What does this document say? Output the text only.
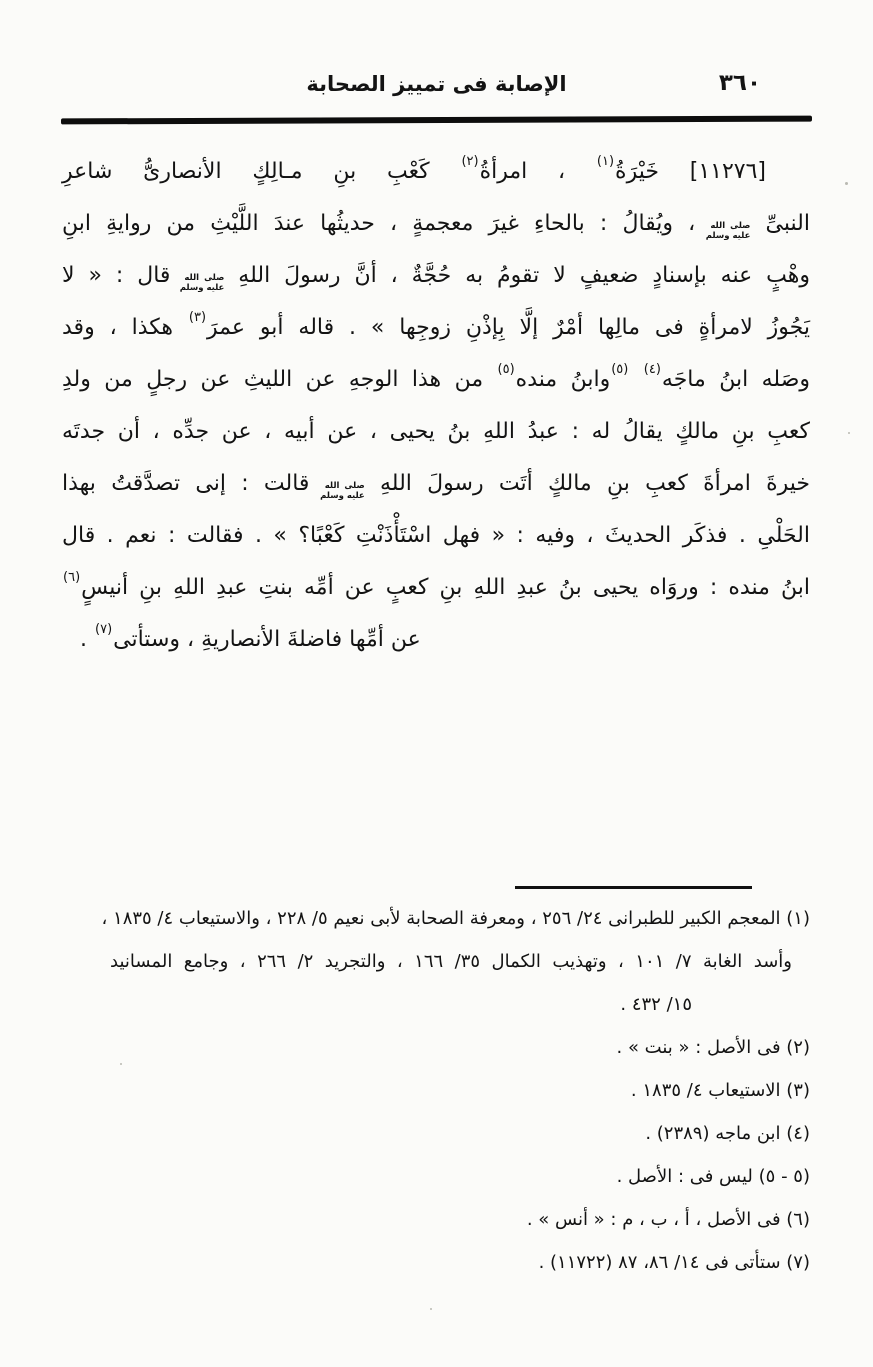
٣٦٠
الإصابة فى تمييز الصحابة
[١١٢٧٦] خَيْرَةُ$^{(١)}$ ، امرأةُ$^{(٢)}$ كَعْبِ بنِ مـالِكٍ الأنصارىُّ شاعرِ
النبىِّ
صلى الله
عليه وسلم
، ويُقالُ : بالحاءِ غيرَ معجمةٍ ، حديثُها عندَ اللَّيْثِ من روايةِ ابنِ
وهْبٍ عنه بإسنادٍ ضعيفٍ لا تقومُ به حُجَّةٌ ، أنَّ رسولَ اللهِ
صلى الله
عليه وسلم
قال : « لا
يَجُوزُ لامرأةٍ فى مالِها أمْرٌ إلَّا بِإذْنِ زوجِها » . قاله أبو عمرَ$^{(٣)}$ هكذا ، وقد
وصَله ابنُ ماجَه$^{(٤)}$ $^{(٥)}$وابنُ منده$^{(٥)}$ من هذا الوجهِ عن الليثِ عن رجلٍ من ولدِ
كعبِ بنِ مالكٍ يقالُ له : عبدُ اللهِ بنُ يحيى ، عن أبيه ، عن جدِّه ، أن جدتَه
خيرةَ امرأةَ كعبِ بنِ مالكٍ أتَت رسولَ اللهِ
صلى الله
عليه وسلم
قالت : إنى تصدَّقتُ بهذا
الحَلْىِ . فذكَر الحديثَ ، وفيه : « فهل اسْتَأْذَنْتِ كَعْبًا؟ » . فقالت : نعم . قال
ابنُ منده : وروَاه يحيى بنُ عبدِ اللهِ بنِ كعبٍ عن أمِّه بنتِ عبدِ اللهِ بنِ أنيسٍ$^{(٦)}$
عن أمِّها فاضلةَ الأنصاريةِ ، وستأتى$^{(٧)}$ .
(١) المعجم الكبير للطبرانى ٢٤/ ٢٥٦ ، ومعرفة الصحابة لأبى نعيم ٥/ ٢٢٨ ، والاستيعاب ٤/ ١٨٣٥ ،
وأسد الغابة ٧/ ١٠١ ، وتهذيب الكمال ٣٥/ ١٦٦ ، والتجريد ٢/ ٢٦٦ ، وجامع المسانيد
١٥/ ٤٣٢ .
(٢) فى الأصل : « بنت » .
(٣) الاستيعاب ٤/ ١٨٣٥ .
(٤) ابن ماجه (٢٣٨٩) .
(٥ - ٥) ليس فى : الأصل .
(٦) فى الأصل ، أ ، ب ، م : « أنس » .
(٧) ستأتى فى ١٤/ ٨٦، ٨٧ (١١٧٢٢) .
